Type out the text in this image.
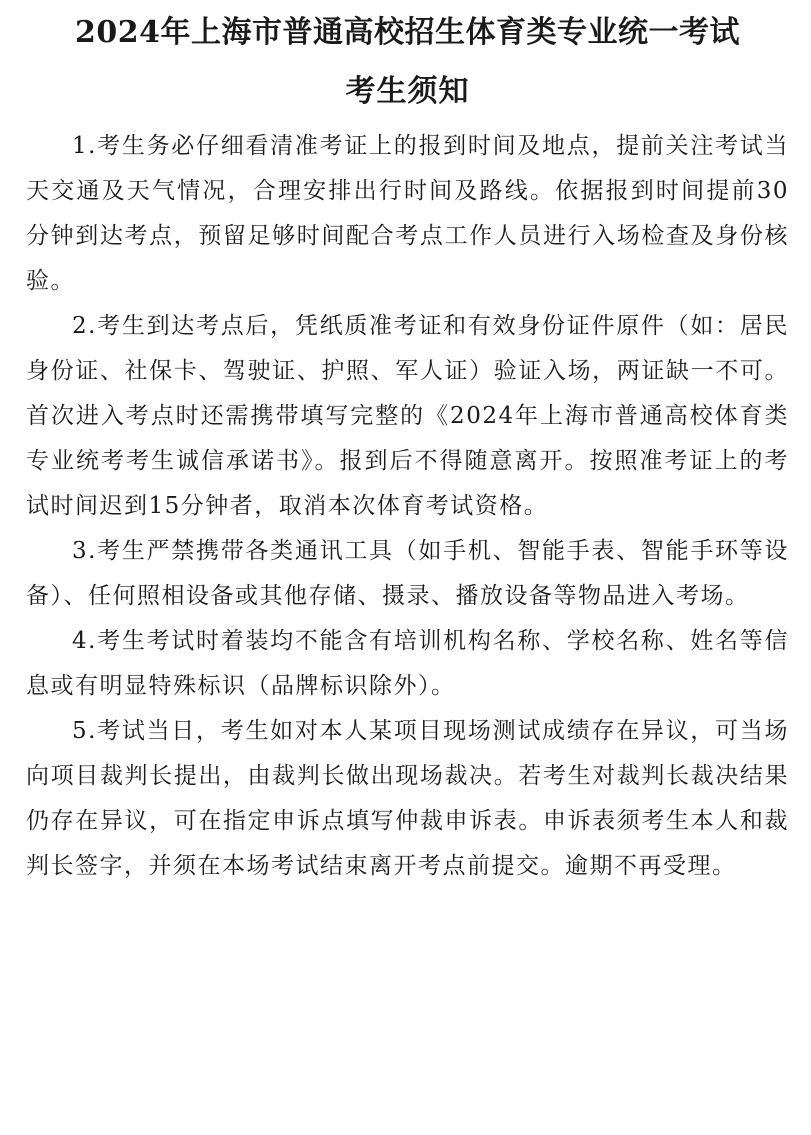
2024年上海市普通高校招生体育类专业统一考试
考生须知

1.考生务必仔细看清准考证上的报到时间及地点，提前关注考试当天交通及天气情况，合理安排出行时间及路线。依据报到时间提前30分钟到达考点，预留足够时间配合考点工作人员进行入场检查及身份核验。

2.考生到达考点后，凭纸质准考证和有效身份证件原件（如：居民身份证、社保卡、驾驶证、护照、军人证）验证入场，两证缺一不可。首次进入考点时还需携带填写完整的《2024年上海市普通高校体育类专业统考考生诚信承诺书》。报到后不得随意离开。按照准考证上的考试时间迟到15分钟者，取消本次体育考试资格。

3.考生严禁携带各类通讯工具（如手机、智能手表、智能手环等设备）、任何照相设备或其他存储、摄录、播放设备等物品进入考场。

4.考生考试时着装均不能含有培训机构名称、学校名称、姓名等信息或有明显特殊标识（品牌标识除外）。

5.考试当日，考生如对本人某项目现场测试成绩存在异议，可当场向项目裁判长提出，由裁判长做出现场裁决。若考生对裁判长裁决结果仍存在异议，可在指定申诉点填写仲裁申诉表。申诉表须考生本人和裁判长签字，并须在本场考试结束离开考点前提交。逾期不再受理。
